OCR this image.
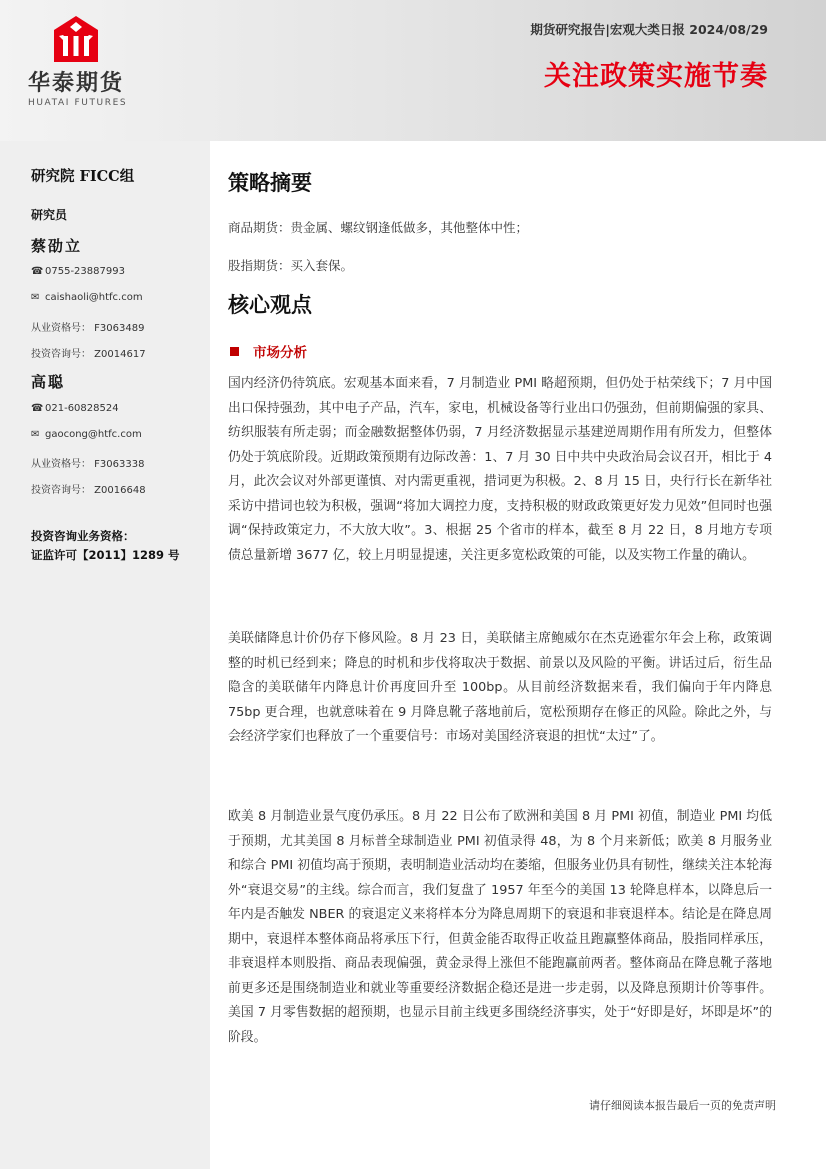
华泰期货
HUATAI FUTURES
期货研究报告|宏观大类日报 2024/08/29
关注政策实施节奏
研究院 FICC组
研究员
蔡劭立
☎ 0755-23887993
✉ caishaoli@htfc.com
从业资格号： F3063489
投资咨询号： Z0014617
高聪
☎ 021-60828524
✉ gaocong@htfc.com
从业资格号： F3063338
投资咨询号： Z0016648
投资咨询业务资格：
证监许可【2011】1289 号
策略摘要
商品期货：贵金属、螺纹钢逢低做多，其他整体中性；
股指期货：买入套保。
核心观点
市场分析
国内经济仍待筑底。宏观基本面来看，7 月制造业 PMI 略超预期，但仍处于枯荣线下；7 月中国出口保持强劲，其中电子产品，汽车，家电，机械设备等行业出口仍强劲，但前期偏强的家具、纺织服装有所走弱；而金融数据整体仍弱，7 月经济数据显示基建逆周期作用有所发力，但整体仍处于筑底阶段。近期政策预期有边际改善：1、7 月 30 日中共中央政治局会议召开，相比于 4 月，此次会议对外部更谨慎、对内需更重视，措词更为积极。2、8 月 15 日，央行行长在新华社采访中措词也较为积极，强调“将加大调控力度，支持积极的财政政策更好发力见效”但同时也强调“保持政策定力，不大放大收”。3、根据 25 个省市的样本，截至 8 月 22 日，8 月地方专项债总量新增 3677 亿，较上月明显提速，关注更多宽松政策的可能，以及实物工作量的确认。
美联储降息计价仍存下修风险。8 月 23 日，美联储主席鲍威尔在杰克逊霍尔年会上称，政策调整的时机已经到来；降息的时机和步伐将取决于数据、前景以及风险的平衡。讲话过后，衍生品隐含的美联储年内降息计价再度回升至 100bp。从目前经济数据来看，我们偏向于年内降息 75bp 更合理，也就意味着在 9 月降息靴子落地前后，宽松预期存在修正的风险。除此之外，与会经济学家们也释放了一个重要信号：市场对美国经济衰退的担忧“太过”了。
欧美 8 月制造业景气度仍承压。8 月 22 日公布了欧洲和美国 8 月 PMI 初值，制造业 PMI 均低于预期，尤其美国 8 月标普全球制造业 PMI 初值录得 48，为 8 个月来新低；欧美 8 月服务业和综合 PMI 初值均高于预期，表明制造业活动均在萎缩，但服务业仍具有韧性，继续关注本轮海外“衰退交易”的主线。综合而言，我们复盘了 1957 年至今的美国 13 轮降息样本，以降息后一年内是否触发 NBER 的衰退定义来将样本分为降息周期下的衰退和非衰退样本。结论是在降息周期中，衰退样本整体商品将承压下行，但黄金能否取得正收益且跑赢整体商品，股指同样承压，非衰退样本则股指、商品表现偏强，黄金录得上涨但不能跑赢前两者。整体商品在降息靴子落地前更多还是围绕制造业和就业等重要经济数据企稳还是进一步走弱，以及降息预期计价等事件。美国 7 月零售数据的超预期，也显示目前主线更多围绕经济事实，处于“好即是好，坏即是坏”的阶段。
请仔细阅读本报告最后一页的免责声明
